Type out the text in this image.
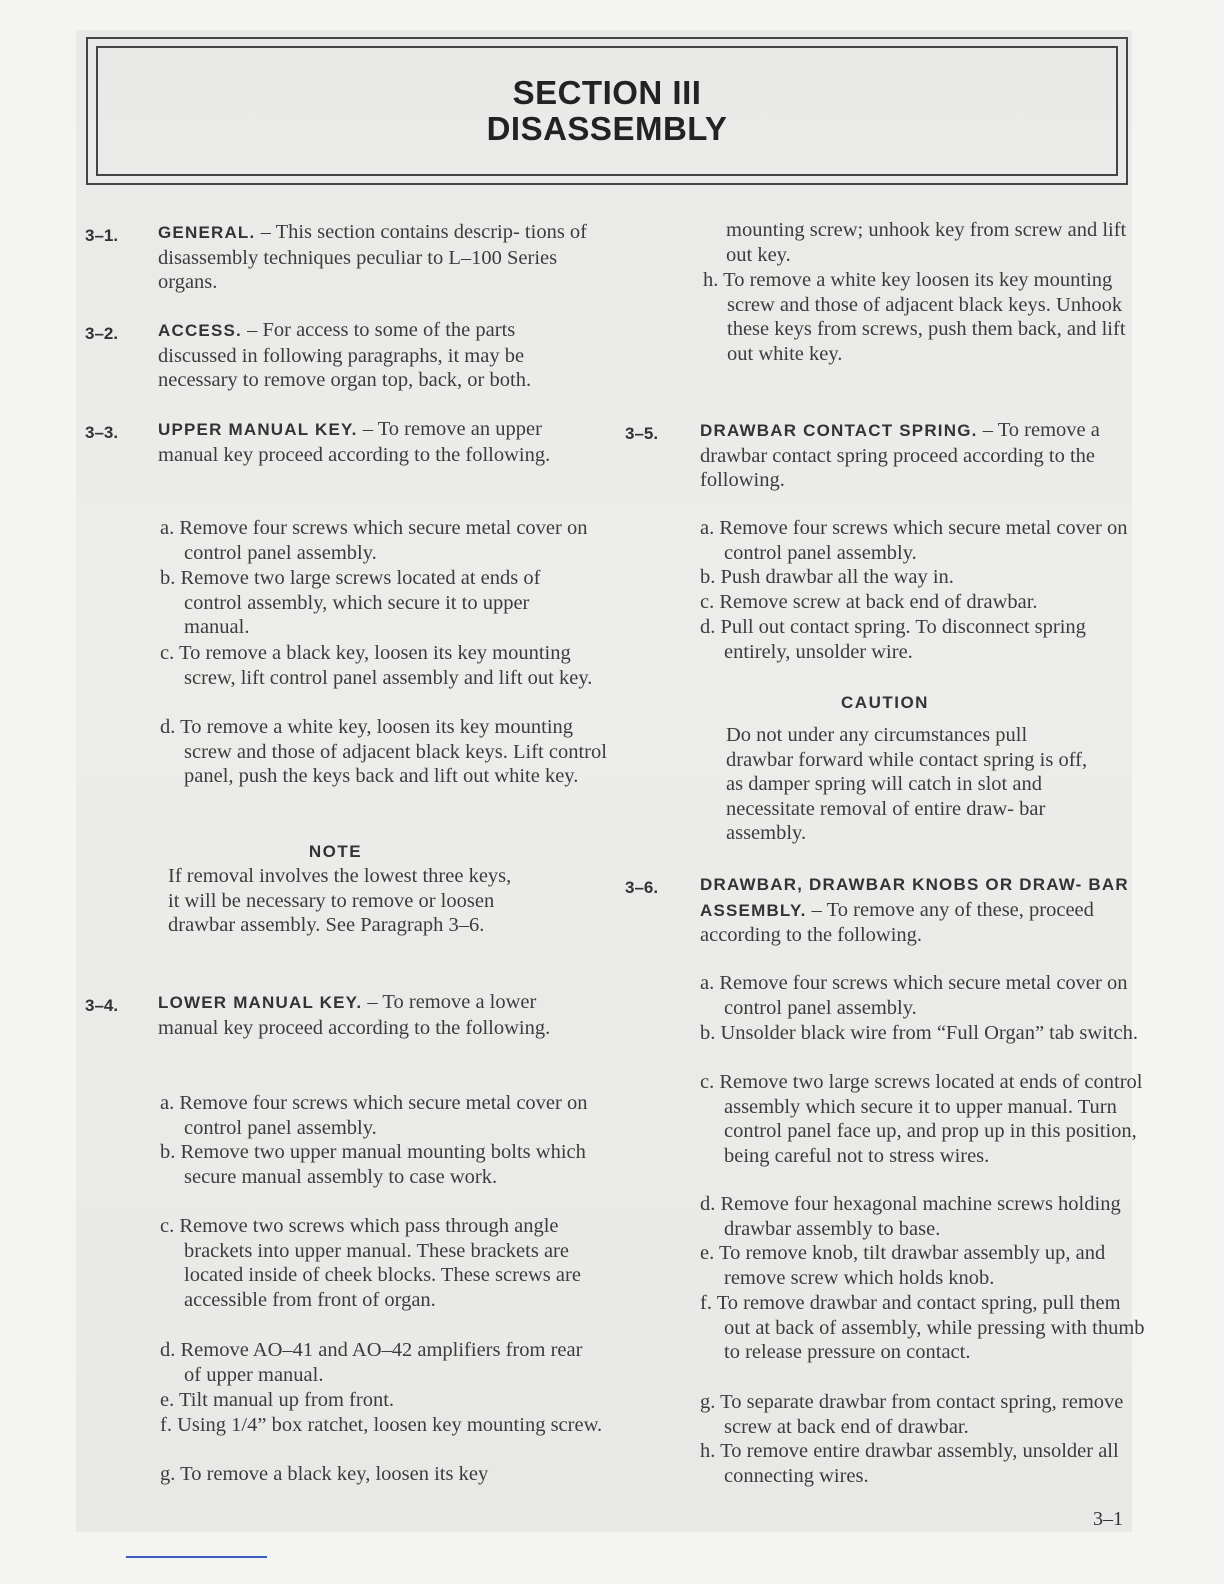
SECTION III
DISASSEMBLY
3–1. GENERAL. – This section contains descrip- tions of disassembly techniques peculiar to L–100 Series organs.
3–2. ACCESS. – For access to some of the parts discussed in following paragraphs, it may be necessary to remove organ top, back, or both.
3–3. UPPER MANUAL KEY. – To remove an upper manual key proceed according to the following.
a. Remove four screws which secure metal cover on control panel assembly.
b. Remove two large screws located at ends of control assembly, which secure it to upper manual.
c. To remove a black key, loosen its key mounting screw, lift control panel assembly and lift out key.
d. To remove a white key, loosen its key mounting screw and those of adjacent black keys. Lift control panel, push the keys back and lift out white key.
NOTE
If removal involves the lowest three keys, it will be necessary to remove or loosen drawbar assembly. See Paragraph 3–6.
3–4. LOWER MANUAL KEY. – To remove a lower manual key proceed according to the following.
a. Remove four screws which secure metal cover on control panel assembly.
b. Remove two upper manual mounting bolts which secure manual assembly to case work.
c. Remove two screws which pass through angle brackets into upper manual. These brackets are located inside of cheek blocks. These screws are accessible from front of organ.
d. Remove AO–41 and AO–42 amplifiers from rear of upper manual.
e. Tilt manual up from front.
f. Using 1/4” box ratchet, loosen key mounting screw.
g. To remove a black key, loosen its key
mounting screw; unhook key from screw and lift out key.
h. To remove a white key loosen its key mounting screw and those of adjacent black keys. Unhook these keys from screws, push them back, and lift out white key.
3–5. DRAWBAR CONTACT SPRING. – To remove a drawbar contact spring proceed according to the following.
a. Remove four screws which secure metal cover on control panel assembly.
b. Push drawbar all the way in.
c. Remove screw at back end of drawbar.
d. Pull out contact spring. To disconnect spring entirely, unsolder wire.
CAUTION
Do not under any circumstances pull drawbar forward while contact spring is off, as damper spring will catch in slot and necessitate removal of entire draw- bar assembly.
3–6. DRAWBAR, DRAWBAR KNOBS OR DRAW- BAR ASSEMBLY. – To remove any of these, proceed according to the following.
a. Remove four screws which secure metal cover on control panel assembly.
b. Unsolder black wire from “Full Organ” tab switch.
c. Remove two large screws located at ends of control assembly which secure it to upper manual. Turn control panel face up, and prop up in this position, being careful not to stress wires.
d. Remove four hexagonal machine screws holding drawbar assembly to base.
e. To remove knob, tilt drawbar assembly up, and remove screw which holds knob.
f. To remove drawbar and contact spring, pull them out at back of assembly, while pressing with thumb to release pressure on contact.
g. To separate drawbar from contact spring, remove screw at back end of drawbar.
h. To remove entire drawbar assembly, unsolder all connecting wires.
3–1
